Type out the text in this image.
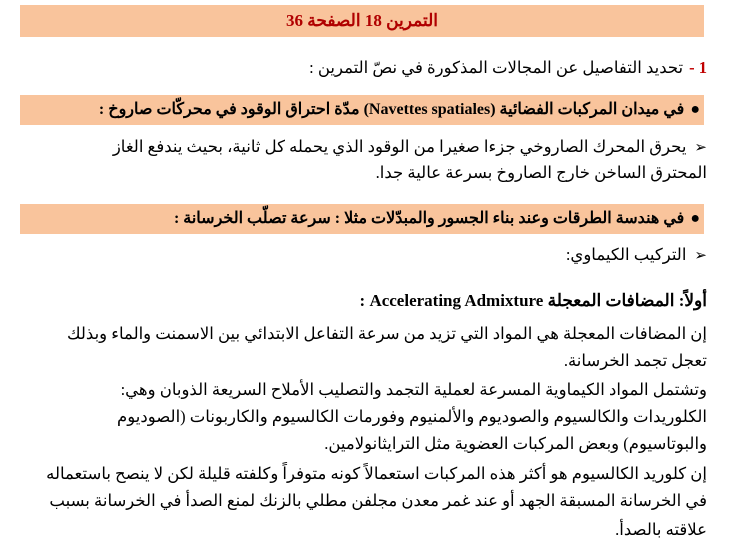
التمرين 18 الصفحة 36
1 -تحديد التفاصيل عن المجالات المذكورة في نصّ التمرين :
●في ميدان المركبات الفضائية (Navettes spatiales) مدّة احتراق الوقود في محركّات صاروخ :
➢يحرق المحرك الصاروخي جزءا صغيرا من الوقود الذي يحمله كل ثانية، بحيث يندفع الغاز
المحترق الساخن خارج الصاروخ بسرعة عالية جدا.
●في هندسة الطرقات وعند بناء الجسور والمبدّلات مثلا : سرعة تصلّب الخرسانة :
➢التركيب الكيماوي:
أولاً: المضافات المعجلة Accelerating Admixture :
إن المضافات المعجلة هي المواد التي تزيد من سرعة التفاعل الابتدائي بين الاسمنت والماء وبذلك
تعجل تجمد الخرسانة.
وتشتمل المواد الكيماوية المسرعة لعملية التجمد والتصليب الأملاح السريعة الذوبان وهي:
الكلوريدات والكالسيوم والصوديوم والألمنيوم وفورمات الكالسيوم والكاربونات (الصوديوم
والبوتاسيوم) وبعض المركبات العضوية مثل الترايثانولامين.
إن كلوريد الكالسيوم هو أكثر هذه المركبات استعمالاً كونه متوفراً وكلفته قليلة لكن لا ينصح باستعماله
في الخرسانة المسبقة الجهد أو عند غمر معدن مجلفن مطلي بالزنك لمنع الصدأ في الخرسانة بسبب
علاقته بالصدأ.
